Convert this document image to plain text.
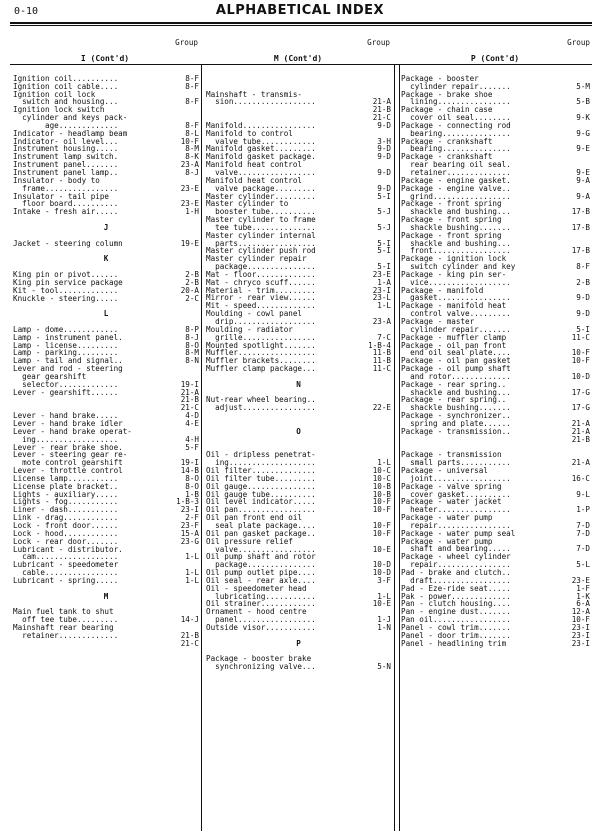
0-10	ALPHABETICAL INDEX
Group	Group	Group
I (Cont'd)	M (Cont'd)	P (Cont'd)
Ignition coil..........	8-F
Ignition coil cable....	8-F
Ignition coil lock
switch and housing...	8-F
Ignition lock switch
cylinder and keys pack-
age.............	8-F
Indicator - headlamp beam	8-L
Indicator- oil level...	10-F
Instrument housing.....	8-M
Instrument lamp switch.	8-K
Instrument panel.......	23-A
Instrument panel lamp..	8-J
Insulator - body to
frame................	23-E
Insulator - tail pipe
floor board..........	23-E
Intake - fresh air.....	1-H
J
Jacket - steering column	19-E
K
King pin or pivot......	2-B
King pin service package	2-B
Kit - tool.............	20-A
Knuckle - steering.....	2-C
L
Lamp - dome............	8-P
Lamp - instrument panel.	8-J
Lamp - license.........	8-O
Lamp - parking.........	8-M
Lamp - tail and signal..	8-N
Lever and rod - steering
gear gearshift
selector.............	19-I
Lever - gearshift......	21-A
21-B
21-C
Lever - hand brake.....	4-D
Lever - hand brake idler	4-E
Lever - hand brake operat-
ing..................	4-H
Lever - rear brake shoe.	5-F
Lever - steering gear re-
mote control gearshift	19-I
Lever - throttle control	14-B
License lamp...........	8-O
License plate bracket..	8-O
Lights - auxiliary.....	1-B
Lights - fog...........	1-B-3
Liner - dash...........	23-I
Link - drag............	2-F
Lock - front door......	23-F
Lock - hood............	15-A
Lock - rear door.......	23-G
Lubricant - distributor.
cam..................	1-L
Lubricant - speedometer
cable................	1-L
Lubricant - spring.....	1-L
M
Main fuel tank to shut
off tee tube.........	14-J
Mainshaft rear bearing
retainer.............	21-B
21-C
Mainshaft - transmis-
sion..................	21-A
21-B
21-C
Manifold................	9-D
Manifold to control
valve tube............	3-H
Manifold gasket.........	9-D
Manifold gasket package.	9-D
Manifold heat control
valve.................	9-D
Manifold heat control
valve package.........	9-D
Master cylinder.........	5-I
Master cylinder to
booster tube..........	5-J
Master cylinder to frame
tee tube..............	5-J
Master cylinder internal
parts.................	5-I
Master cylinder push rod	5-I
Master cylinder repair
package...............	5-I
Mat - floor.............	23-E
Mat - chryco scuff......	1-A
Material - trim.........	23-I
Mirror - rear view......	23-L
Mit - speed.............	1-L
Moulding - cowl panel
drip..................	23-A
Moulding - radiator
grille................	7-C
Mounted spotlight.......	1-B-4
Muffler.................	11-B
Muffler brackets........	11-B
Muffler clamp package...	11-C
N
Nut-rear wheel bearing..
adjust................	22-E
O
Oil - dripless penetrat-
ing...................	1-L
Oil filter..............	10-C
Oil filter tube.........	10-C
Oil gauge...............	10-B
Oil gauge tube..........	10-B
Oil level indicator.....	10-F
Oil pan.................	10-F
Oil pan front end oil
seal plate package....	10-F
Oil pan gasket package..	10-F
Oil pressure relief
valve.................	10-E
Oil pump shaft and rotor
package...............	10-D
Oil pump outlet pipe....	10-D
Oil seal - rear axle....	3-F
Oil - speedometer head
lubricating...........	1-L
Oil strainer............	10-E
Ornament - hood centre
panel.................	1-J
Outside visor...........	1-N
P
Package - booster brake
synchronizing valve...	5-N
Package - booster
cylinder repair.......	5-M
Package - brake shoe
lining................	5-B
Package - chain case
cover oil seal........	9-K
Package - connecting rod
bearing...............	9-G
Package - crankshaft
bearing...............	9-E
Package - crankshaft
rear bearing oil seal.
retainer..............	9-E
Package - engine gasket.	9-A
Package - engine valve..
grind.................	9-A
Package - front spring
shackle and bushing...	17-B
Package - front spring
shackle bushing.......	17-B
Package - front spring
shackle and bushing...
front.................	17-B
Package - ignition lock
switch cylinder and key	8-F
Package - king pin ser-
vice..................	2-B
Package - manifold
gasket................	9-D
Package - manifold heat
control valve.........	9-D
Package - master
cylinder repair.......	5-I
Package - muffler clamp	11-C
Package - oil pan front
end oil seal plate....	10-F
Package - oil pan gasket	10-F
Package - oil pump shaft
and rotor.............	10-D
Package - rear spring..
shackle and bushing...	17-G
Package - rear spring..
shackle bushing.......	17-G
Package - synchronizer..
spring and plate......	21-A
Package - transmission..	21-A
21-B
Package - transmission
small parts...........	21-A
Package - universal
joint.................	16-C
Package - valve spring
cover gasket..........	9-L
Package - water jacket
heater................	1-P
Package - water pump
repair................	7-D
Package - water pump seal	7-D
Package - water pump
shaft and bearing.....	7-D
Package - wheel cylinder
repair................	5-L
Pad - brake and clutch..
draft.................	23-E
Pad - Eze-ride seat.....	1-F
Pak - power.............	1-K
Pan - clutch housing....	6-A
Pan - engine dust.......	12-A
Pan oil.................	10-F
Panel - cowl trim.......	23-I
Panel - door trim.......	23-I
Panel - headlining trim	23-I
